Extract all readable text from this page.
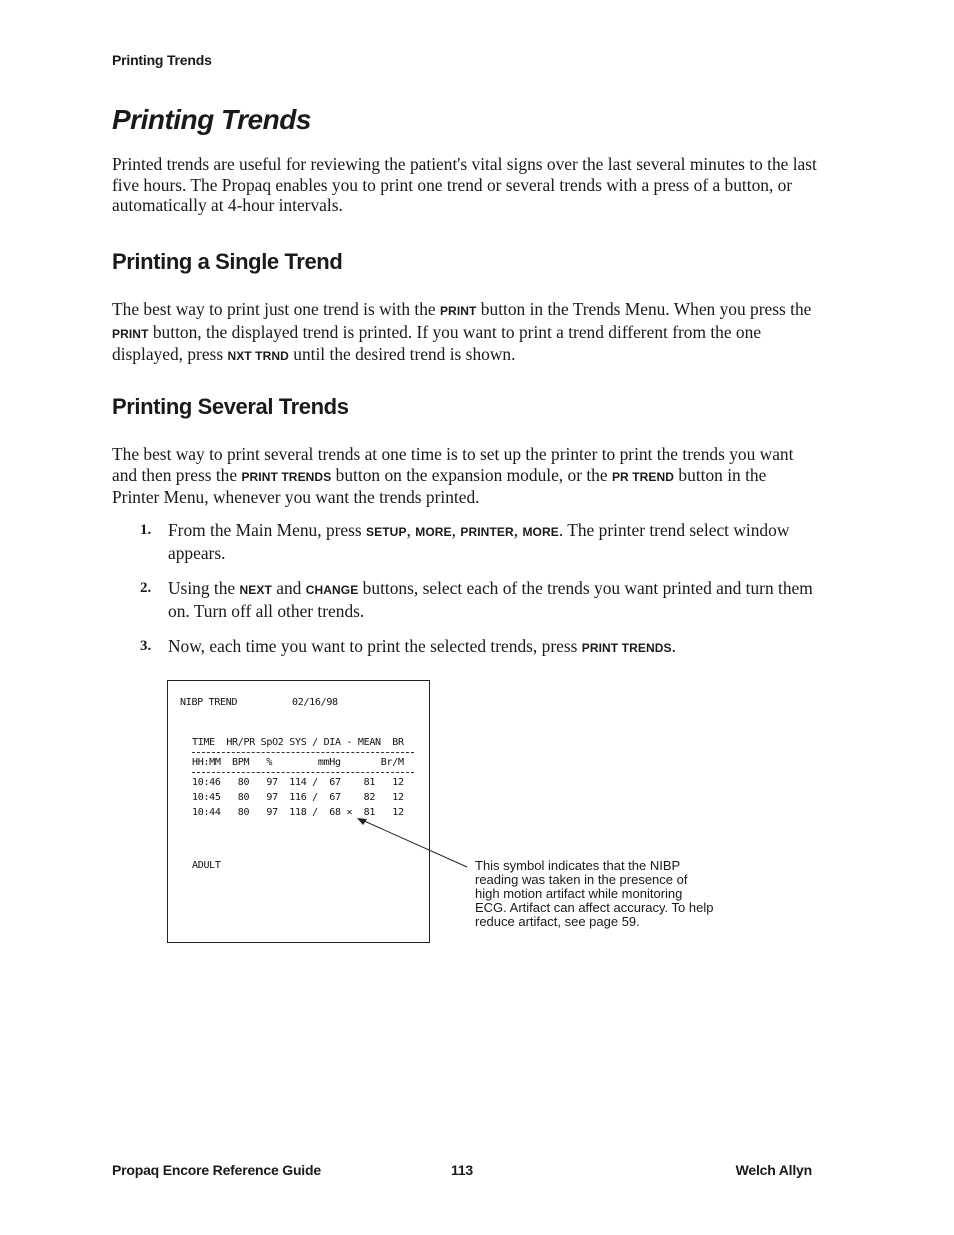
Printing Trends
Printing Trends

Printed trends are useful for reviewing the patient's vital signs over the last several minutes to the last five hours. The Propaq enables you to print one trend or several trends with a press of a button, or automatically at 4-hour intervals.

Printing a Single Trend

The best way to print just one trend is with the PRINT button in the Trends Menu. When you press the PRINT button, the displayed trend is printed. If you want to print a trend different from the one displayed, press NXT TRND until the desired trend is shown.

Printing Several Trends

The best way to print several trends at one time is to set up the printer to print the trends you want and then press the PRINT TRENDS button on the expansion module, or the PR TREND button in the Printer Menu, whenever you want the trends printed.

1. From the Main Menu, press SETUP, MORE, PRINTER, MORE. The printer trend select window appears.
2. Using the NEXT and CHANGE buttons, select each of the trends you want printed and turn them on. Turn off all other trends.
3. Now, each time you want to print the selected trends, press PRINT TRENDS.
NIBP TREND	02/16/98
TIME  HR/PR SpO2 SYS / DIA - MEAN  BR
HH:MM  BPM   %        mmHg       Br/M
10:46   80   97  114 /  67    81   12
10:45   80   97  116 /  67    82   12
10:44   80   97  118 /  68 ✕  81   12
ADULT	This symbol indicates that the NIBP reading was taken in the presence of high motion artifact while monitoring ECG. Artifact can affect accuracy. To help reduce artifact, see page 59.

Propaq Encore Reference Guide	113	Welch Allyn
